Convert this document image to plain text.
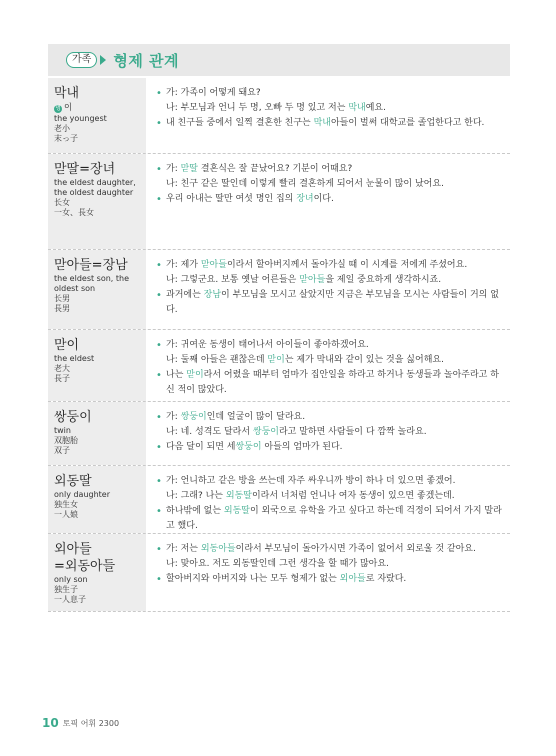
가족	형제 관계
막내
명 이
the youngest
老小
末っ子
• 가: 가족이 어떻게 돼요?
나: 부모님과 언니 두 명, 오빠 두 명 있고 저는 막내예요.
• 내 친구들 중에서 일찍 결혼한 친구는 막내아들이 벌써 대학교를 졸업한다고 한다.
맏딸=장녀
the eldest daughter, the oldest daughter
长女
一女、長女
• 가: 맏딸 결혼식은 잘 끝났어요? 기분이 어때요?
나: 친구 같은 딸인데 이렇게 빨리 결혼하게 되어서 눈물이 많이 났어요.
• 우리 아내는 딸만 여섯 명인 집의 장녀이다.
맏아들=장남
the eldest son, the oldest son
长男
長男
• 가: 제가 맏아들이라서 할아버지께서 돌아가실 때 이 시계를 저에게 주셨어요.
나: 그렇군요. 보통 옛날 어른들은 맏아들을 제일 중요하게 생각하시죠.
• 과거에는 장남이 부모님을 모시고 살았지만 지금은 부모님을 모시는 사람들이 거의 없다.
맏이
the eldest
老大
長子
• 가: 귀여운 동생이 태어나서 아이들이 좋아하겠어요.
나: 둘째 아들은 괜찮은데 맏이는 제가 막내와 같이 있는 것을 싫어해요.
• 나는 맏이라서 어렸을 때부터 엄마가 집안일을 하라고 하거나 동생들과 놀아주라고 하신 적이 많았다.
쌍둥이
twin
双胞胎
双子
• 가: 쌍둥이인데 얼굴이 많이 달라요.
나: 네. 성격도 달라서 쌍둥이라고 말하면 사람들이 다 깜짝 놀라요.
• 다음 달이 되면 세쌍둥이 아들의 엄마가 된다.
외동딸
only daughter
独生女
一人娘
• 가: 언니하고 같은 방을 쓰는데 자주 싸우니까 방이 하나 더 있으면 좋겠어.
나: 그래? 나는 외동딸이라서 너처럼 언니나 여자 동생이 있으면 좋겠는데.
• 하나밖에 없는 외동딸이 외국으로 유학을 가고 싶다고 하는데 걱정이 되어서 가지 말라고 했다.
외아들
=외동아들
only son
独生子
一人息子
• 가: 저는 외동아들이라서 부모님이 돌아가시면 가족이 없어서 외로울 것 같아요.
나: 맞아요. 저도 외동딸인데 그런 생각을 할 때가 많아요.
• 할아버지와 아버지와 나는 모두 형제가 없는 외아들로 자랐다.
10 토픽 어휘 2300
